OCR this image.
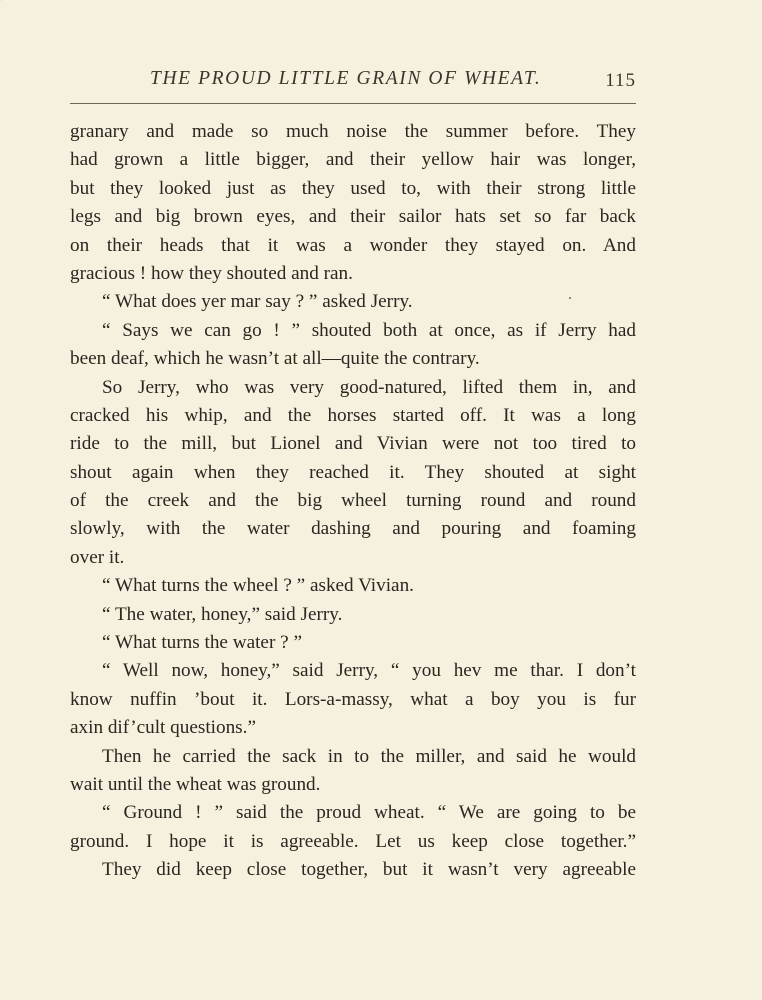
THE PROUD LITTLE GRAIN OF WHEAT.	115
granary and made so much noise the summer before. They
had grown a little bigger, and their yellow hair was longer,
but they looked just as they used to, with their strong little
legs and big brown eyes, and their sailor hats set so far back
on their heads that it was a wonder they stayed on. And
gracious ! how they shouted and ran.
“ What does yer mar say ? ” asked Jerry.
“ Says we can go ! ” shouted both at once, as if Jerry had
been deaf, which he wasn’t at all—quite the contrary.
So Jerry, who was very good-natured, lifted them in, and
cracked his whip, and the horses started off. It was a long
ride to the mill, but Lionel and Vivian were not too tired to
shout again when they reached it. They shouted at sight
of the creek and the big wheel turning round and round
slowly, with the water dashing and pouring and foaming
over it.
“ What turns the wheel ? ” asked Vivian.
“ The water, honey,” said Jerry.
“ What turns the water ? ”
“ Well now, honey,” said Jerry, “ you hev me thar. I don’t
know nuffin ’bout it. Lors-a-massy, what a boy you is fur
axin dif’cult questions.”
Then he carried the sack in to the miller, and said he would
wait until the wheat was ground.
“ Ground ! ” said the proud wheat. “ We are going to be
ground. I hope it is agreeable. Let us keep close together.”
They did keep close together, but it wasn’t very agreeable
